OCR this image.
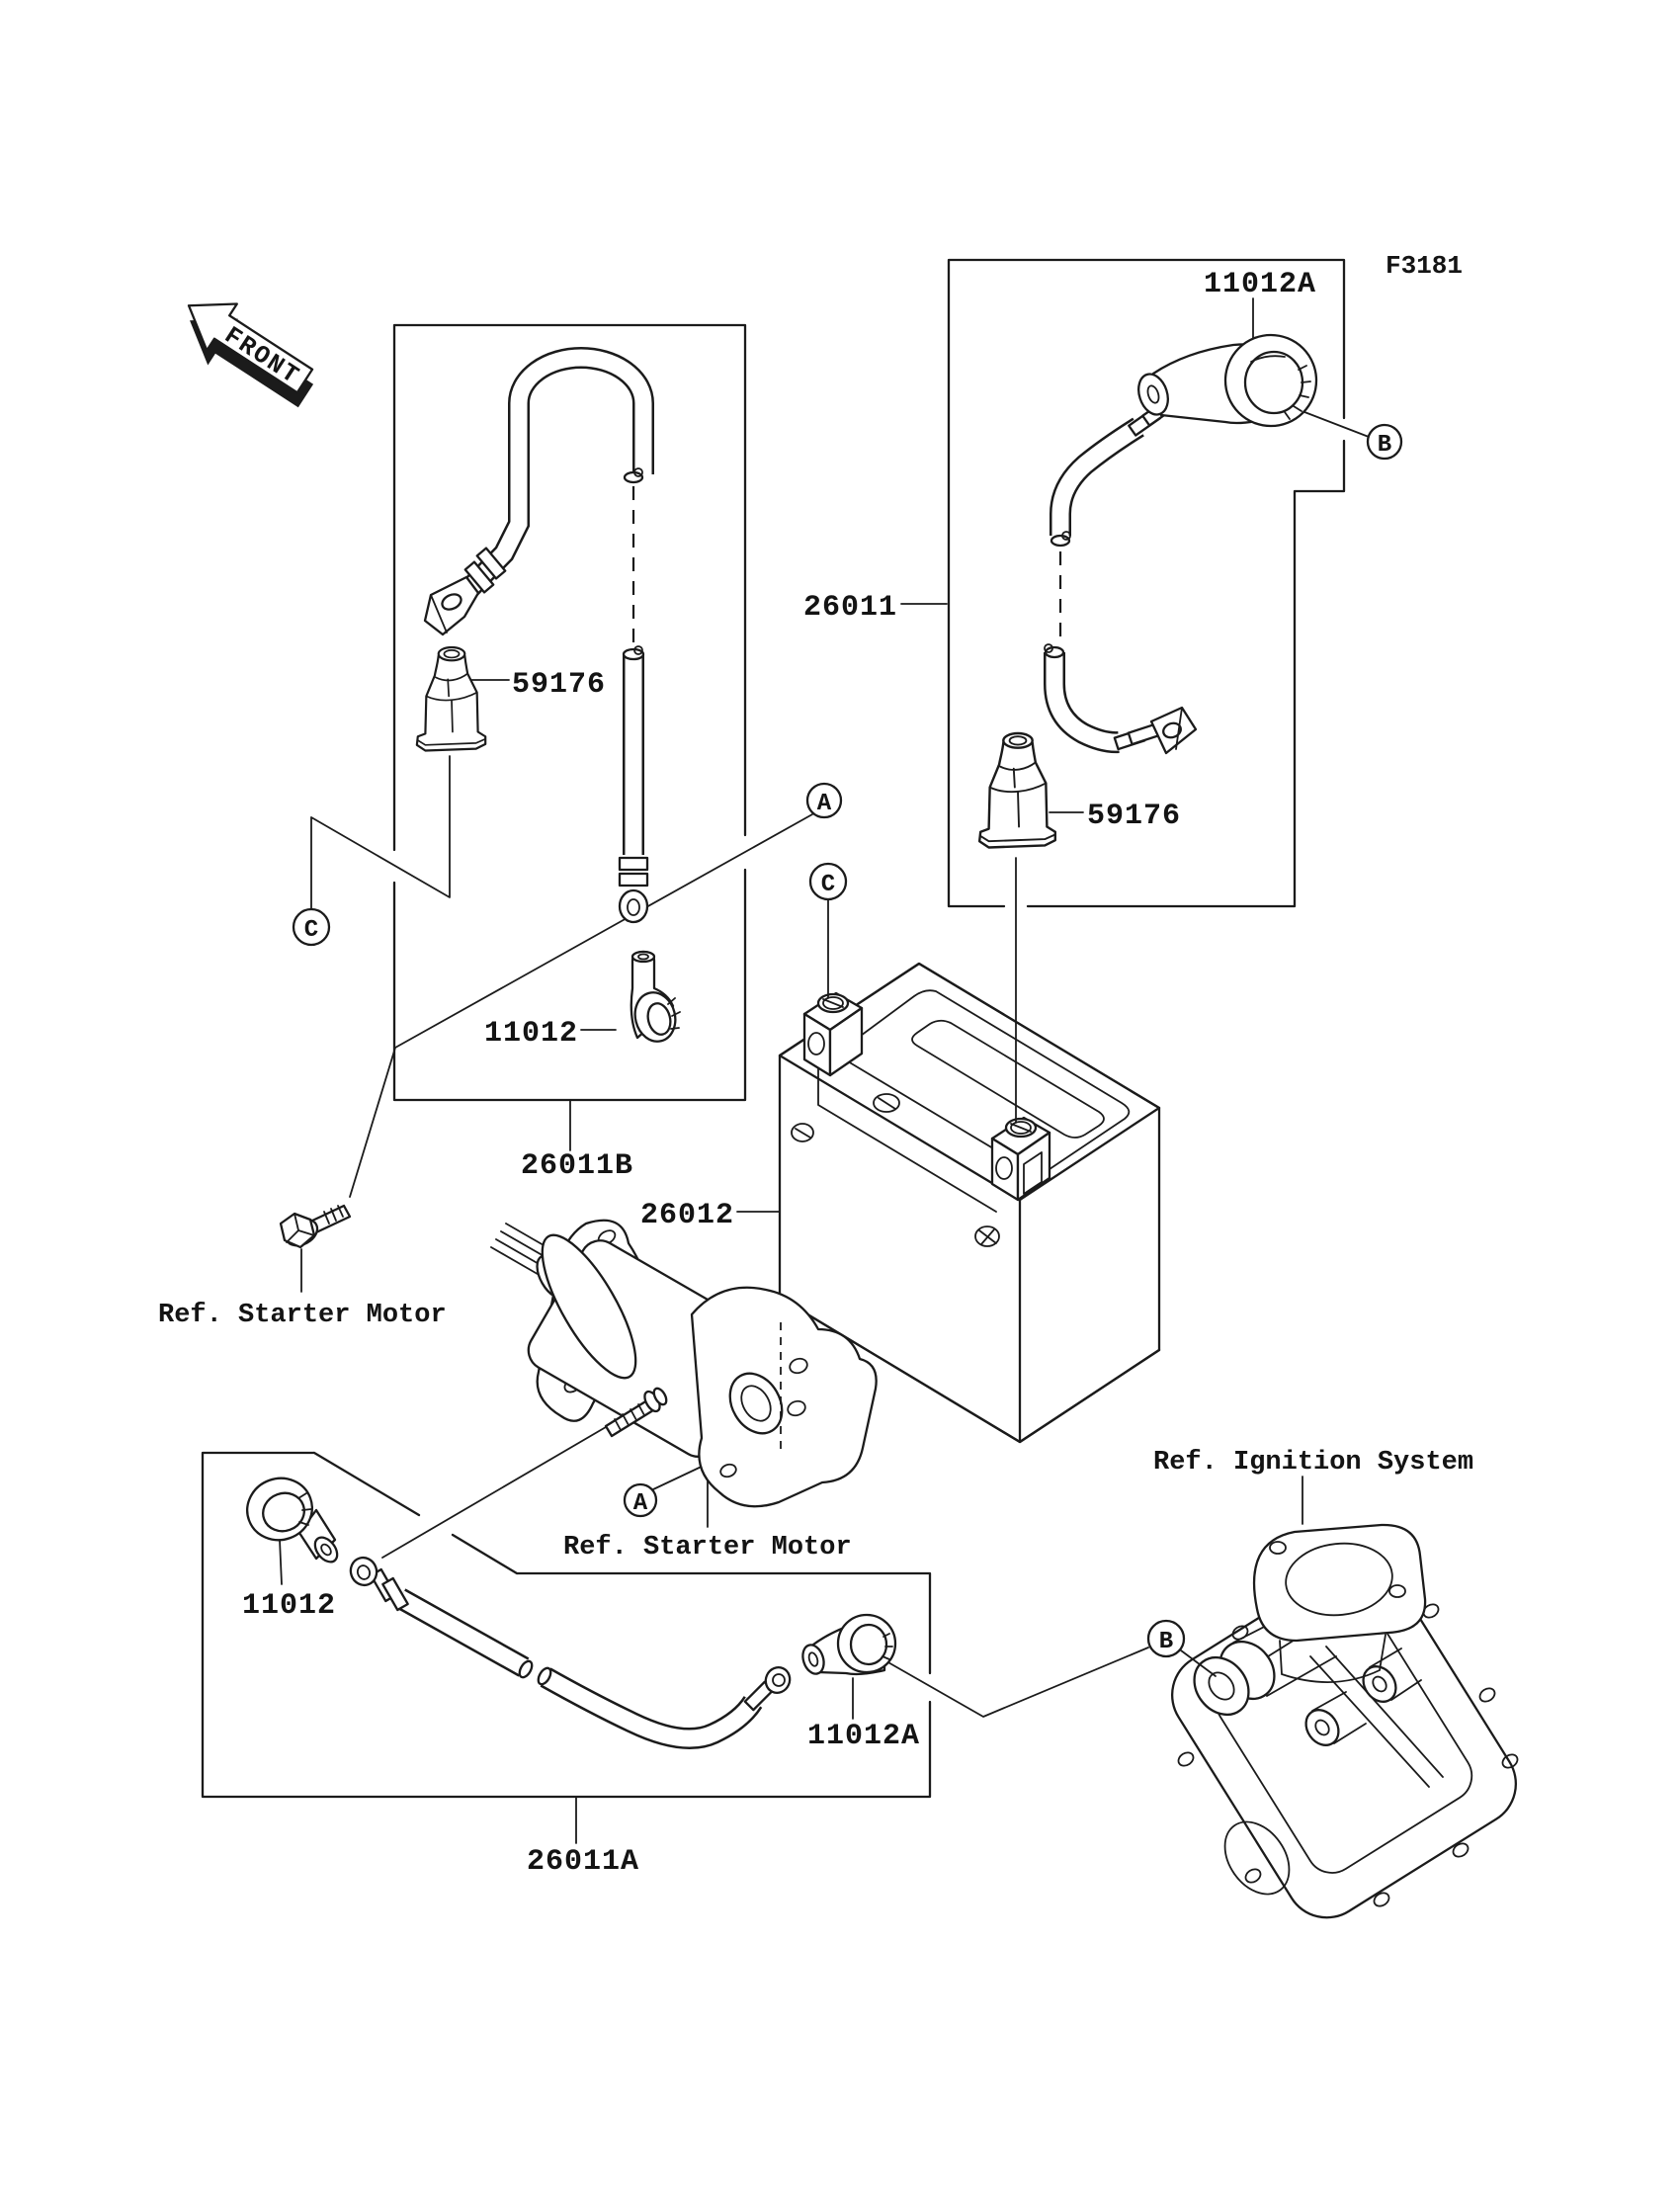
A
B
C
C
A
B
FRONT
F3181
11012A
26011
59176
59176
11012
26011B
26012
Ref. Starter Motor
Ref. Starter Motor
Ref. Ignition System
11012
11012A
26011A
